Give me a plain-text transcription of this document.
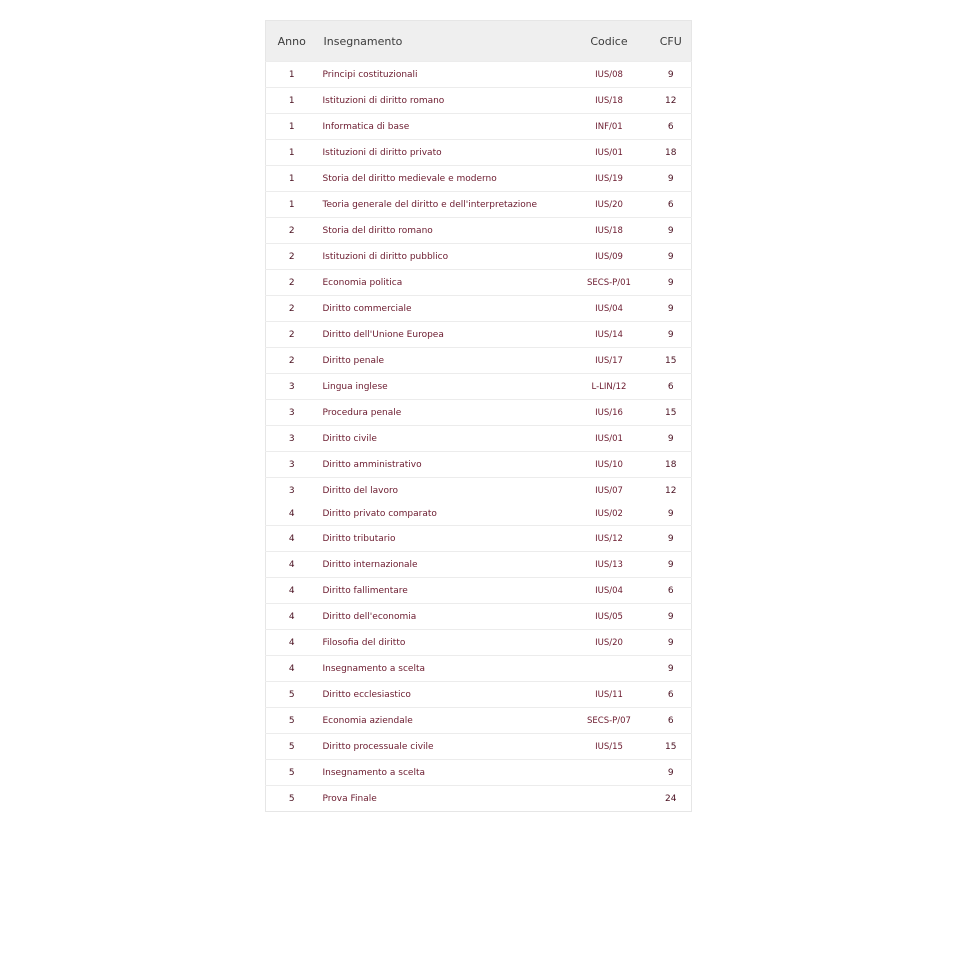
Anno	Insegnamento	Codice	CFU
1	Principi costituzionali	IUS/08	9
1	Istituzioni di diritto romano	IUS/18	12
1	Informatica di base	INF/01	6
1	Istituzioni di diritto privato	IUS/01	18
1	Storia del diritto medievale e moderno	IUS/19	9
1	Teoria generale del diritto e dell'interpretazione	IUS/20	6
2	Storia del diritto romano	IUS/18	9
2	Istituzioni di diritto pubblico	IUS/09	9
2	Economia politica	SECS-P/01	9
2	Diritto commerciale	IUS/04	9
2	Diritto dell'Unione Europea	IUS/14	9
2	Diritto penale	IUS/17	15
3	Lingua inglese	L-LIN/12	6
3	Procedura penale	IUS/16	15
3	Diritto civile	IUS/01	9
3	Diritto amministrativo	IUS/10	18
3	Diritto del lavoro	IUS/07	12
4	Diritto privato comparato	IUS/02	9
4	Diritto tributario	IUS/12	9
4	Diritto internazionale	IUS/13	9
4	Diritto fallimentare	IUS/04	6
4	Diritto dell'economia	IUS/05	9
4	Filosofia del diritto	IUS/20	9
4	Insegnamento a scelta		9
5	Diritto ecclesiastico	IUS/11	6
5	Economia aziendale	SECS-P/07	6
5	Diritto processuale civile	IUS/15	15
5	Insegnamento a scelta		9
5	Prova Finale		24
